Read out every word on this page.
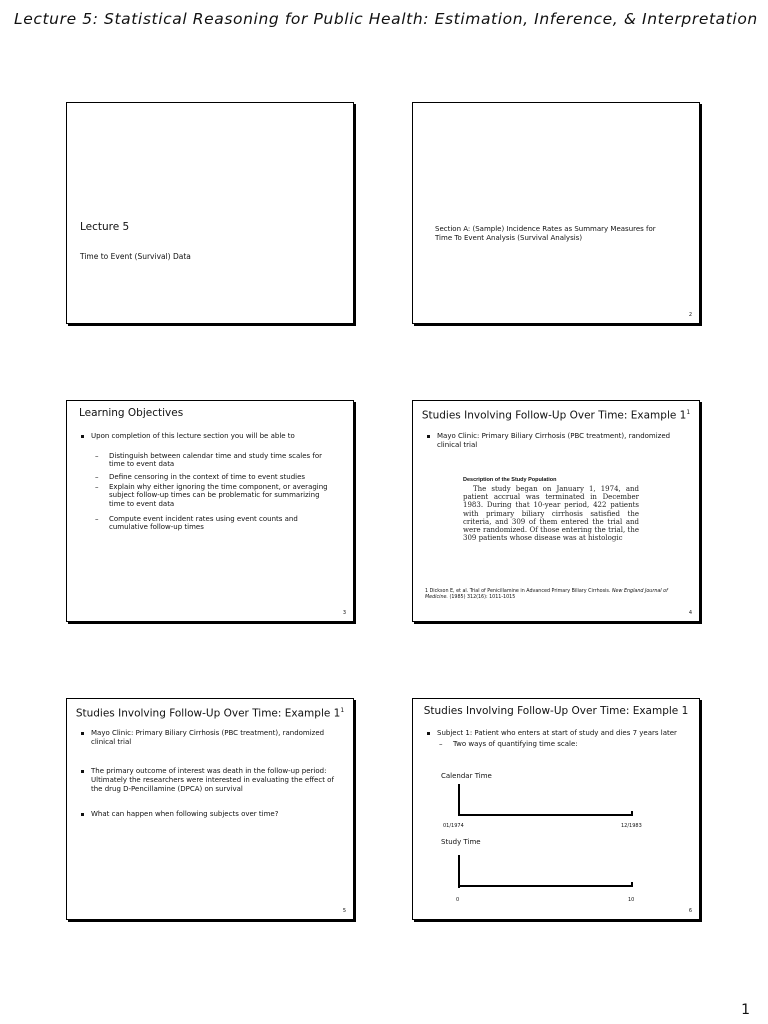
Lecture 5: Statistical Reasoning for Public Health: Estimation, Inference, & Interpretation
Lecture 5
Time to Event (Survival) Data
Section A: (Sample) Incidence Rates as Summary Measures for
Time To Event Analysis (Survival Analysis)
2
Learning Objectives
Upon completion of this lecture section you will be able to
– Distinguish between calendar time and study time scales for time to event data
– Define censoring in the context of time to event studies
– Explain why either ignoring the time component, or averaging subject follow-up times can be problematic for summarizing time to event data
– Compute event incident rates using event counts and cumulative follow-up times
3
Studies Involving Follow-Up Over Time: Example $1^1$
Mayo Clinic: Primary Biliary Cirrhosis (PBC treatment), randomized clinical trial
Description of the Study Population
The study began on January 1, 1974, and patient accrual was terminated in December 1983. During that 10-year period, 422 patients with primary biliary cirrhosis satisfied the criteria, and 309 of them entered the trial and were randomized. Of those entering the trial, the 309 patients whose disease was at histologic
1 Dickson E, et al. Trial of Penicillamine in Advanced Primary Biliary Cirrhosis. New England Journal of Medicine. (1985) 312(16): 1011-1015
4
Studies Involving Follow-Up Over Time: Example $1^1$
Mayo Clinic: Primary Biliary Cirrhosis (PBC treatment), randomized clinical trial
The primary outcome of interest was death in the follow-up period: Ultimately the researchers were interested in evaluating the effect of the drug D-Pencillamine (DPCA) on survival
What can happen when following subjects over time?
5
Studies Involving Follow-Up Over Time: Example 1
Subject 1: Patient who enters at start of study and dies 7 years later
– Two ways of quantifying time scale:
Calendar Time
01/1974	12/1983
Study Time
0	10
6
1
